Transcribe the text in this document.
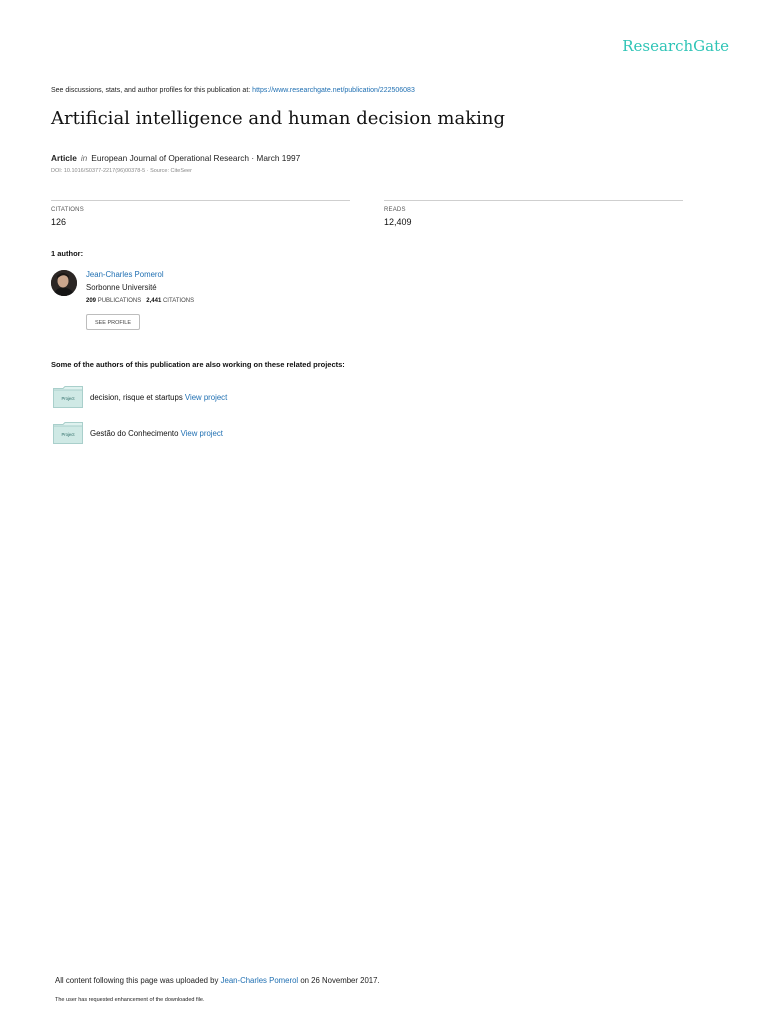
ResearchGate
See discussions, stats, and author profiles for this publication at: https://www.researchgate.net/publication/222506083
Artificial intelligence and human decision making
Article in European Journal of Operational Research · March 1997
DOI: 10.1016/S0377-2217(96)00378-5 · Source: CiteSeer
CITATIONS
126
READS
12,409
1 author:
Jean-Charles Pomerol
Sorbonne Université
209 PUBLICATIONS 2,441 CITATIONS
SEE PROFILE
Some of the authors of this publication are also working on these related projects:
Project	decision, risque et startups View project
Project	Gestão do Conhecimento View project
All content following this page was uploaded by Jean-Charles Pomerol on 26 November 2017.
The user has requested enhancement of the downloaded file.
